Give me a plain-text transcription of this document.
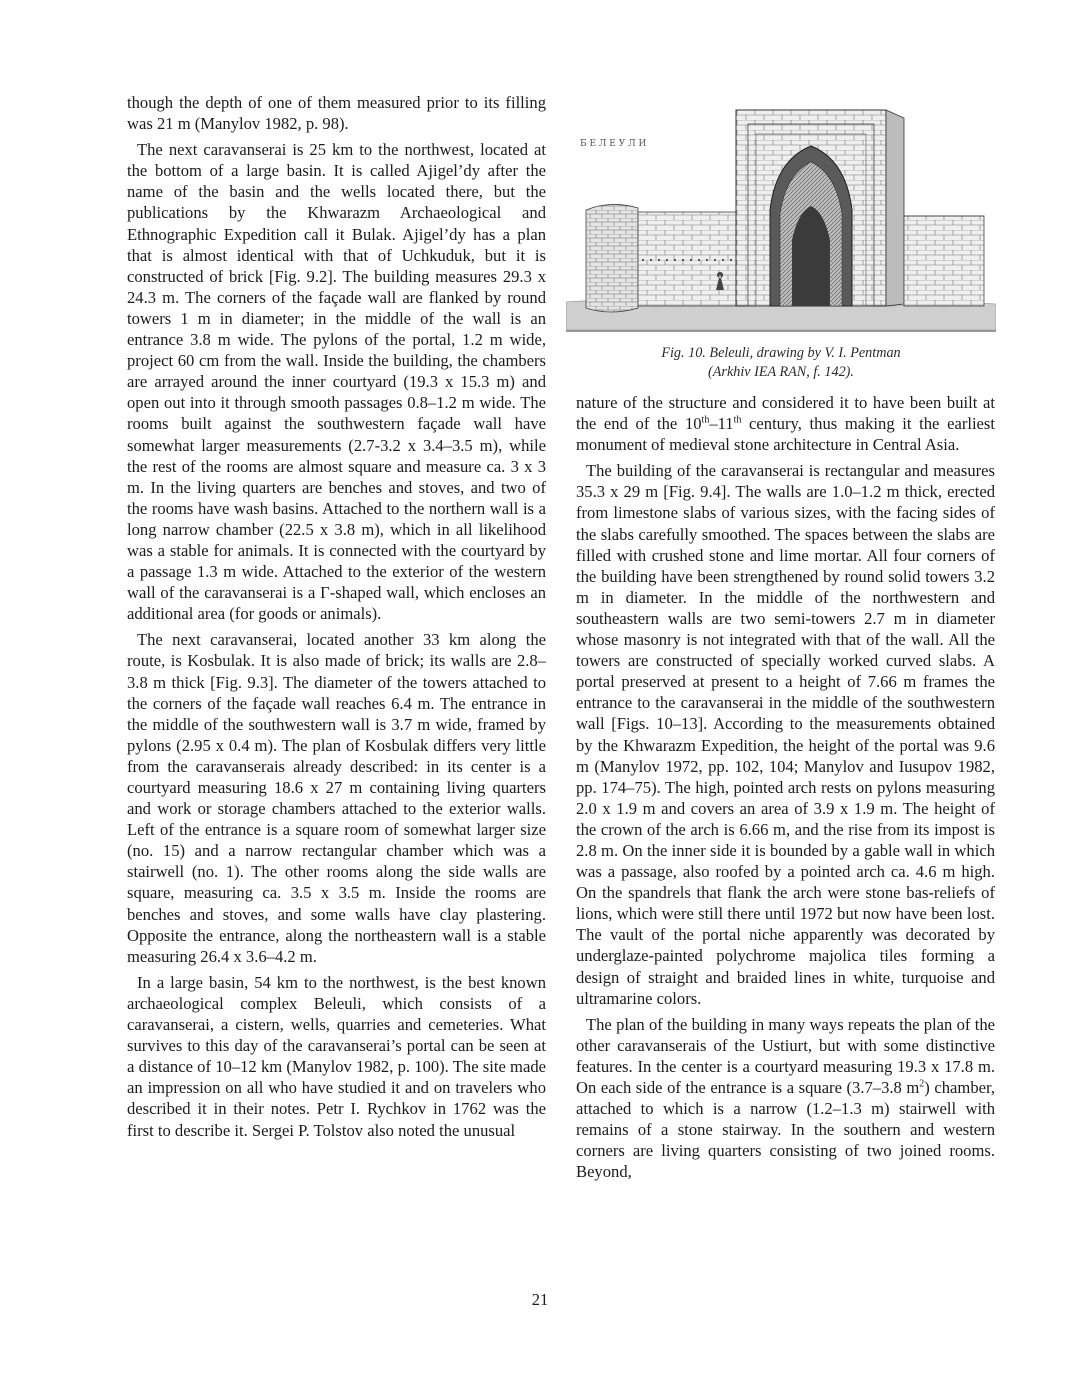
though the depth of one of them measured prior to its filling was 21 m (Manylov 1982, p. 98).

The next caravanserai is 25 km to the northwest, located at the bottom of a large basin. It is called Ajigel’dy after the name of the basin and the wells located there, but the publications by the Khwarazm Archaeological and Ethnographic Expedition call it Bulak. Ajigel’dy has a plan that is almost identical with that of Uchkuduk, but it is constructed of brick [Fig. 9.2]. The building measures 29.3 x 24.3 m. The corners of the façade wall are flanked by round towers 1 m in diameter; in the middle of the wall is an entrance 3.8 m wide. The pylons of the portal, 1.2 m wide, project 60 cm from the wall. Inside the building, the chambers are arrayed around the inner courtyard (19.3 x 15.3 m) and open out into it through smooth passages 0.8–1.2 m wide. The rooms built against the southwestern façade wall have somewhat larger measurements (2.7-3.2 x 3.4–3.5 m), while the rest of the rooms are almost square and measure ca. 3 x 3 m. In the living quarters are benches and stoves, and two of the rooms have wash basins. Attached to the northern wall is a long narrow chamber (22.5 x 3.8 m), which in all likelihood was a stable for animals. It is connected with the courtyard by a passage 1.3 m wide. Attached to the exterior of the western wall of the caravanserai is a Γ-shaped wall, which encloses an additional area (for goods or animals).

The next caravanserai, located another 33 km along the route, is Kosbulak. It is also made of brick; its walls are 2.8–3.8 m thick [Fig. 9.3]. The diameter of the towers attached to the corners of the façade wall reaches 6.4 m. The entrance in the middle of the southwestern wall is 3.7 m wide, framed by pylons (2.95 x 0.4 m). The plan of Kosbulak differs very little from the caravanserais already described: in its center is a courtyard measuring 18.6 x 27 m containing living quarters and work or storage chambers attached to the exterior walls. Left of the entrance is a square room of somewhat larger size (no. 15) and a narrow rectangular chamber which was a stairwell (no. 1). The other rooms along the side walls are square, measuring ca. 3.5 x 3.5 m. Inside the rooms are benches and stoves, and some walls have clay plastering. Opposite the entrance, along the northeastern wall is a stable measuring 26.4 x 3.6–4.2 m.

In a large basin, 54 km to the northwest, is the best known archaeological complex Beleuli, which consists of a caravanserai, a cistern, wells, quarries and cemeteries. What survives to this day of the caravanserai’s portal can be seen at a distance of 10–12 km (Manylov 1982, p. 100). The site made an impression on all who have studied it and on travelers who described it in their notes. Petr I. Rychkov in 1762 was the first to describe it. Sergei P. Tolstov also noted the unusual

Б Е Л Е У Л И
Fig. 10. Beleuli, drawing by V. I. Pentman
(Arkhiv IEA RAN, f. 142).

nature of the structure and considered it to have been built at the end of the 10th–11th century, thus making it the earliest monument of medieval stone architecture in Central Asia.

The building of the caravanserai is rectangular and measures 35.3 x 29 m [Fig. 9.4]. The walls are 1.0–1.2 m thick, erected from limestone slabs of various sizes, with the facing sides of the slabs carefully smoothed. The spaces between the slabs are filled with crushed stone and lime mortar. All four corners of the building have been strengthened by round solid towers 3.2 m in diameter. In the middle of the northwestern and southeastern walls are two semi-towers 2.7 m in diameter whose masonry is not integrated with that of the wall. All the towers are constructed of specially worked curved slabs. A portal preserved at present to a height of 7.66 m frames the entrance to the caravanserai in the middle of the southwestern wall [Figs. 10–13]. According to the measurements obtained by the Khwarazm Expedition, the height of the portal was 9.6 m (Manylov 1972, pp. 102, 104; Manylov and Iusupov 1982, pp. 174–75). The high, pointed arch rests on pylons measuring 2.0 x 1.9 m and covers an area of 3.9 x 1.9 m. The height of the crown of the arch is 6.66 m, and the rise from its impost is 2.8 m. On the inner side it is bounded by a gable wall in which was a passage, also roofed by a pointed arch ca. 4.6 m high. On the spandrels that flank the arch were stone bas-reliefs of lions, which were still there until 1972 but now have been lost. The vault of the portal niche apparently was decorated by underglaze-painted polychrome majolica tiles forming a design of straight and braided lines in white, turquoise and ultramarine colors.

The plan of the building in many ways repeats the plan of the other caravanserais of the Ustiurt, but with some distinctive features. In the center is a courtyard measuring 19.3 x 17.8 m. On each side of the entrance is a square (3.7–3.8 $m^2$) chamber, attached to which is a narrow (1.2–1.3 m) stairwell with remains of a stone stairway. In the southern and western corners are living quarters consisting of two joined rooms. Beyond,

21
